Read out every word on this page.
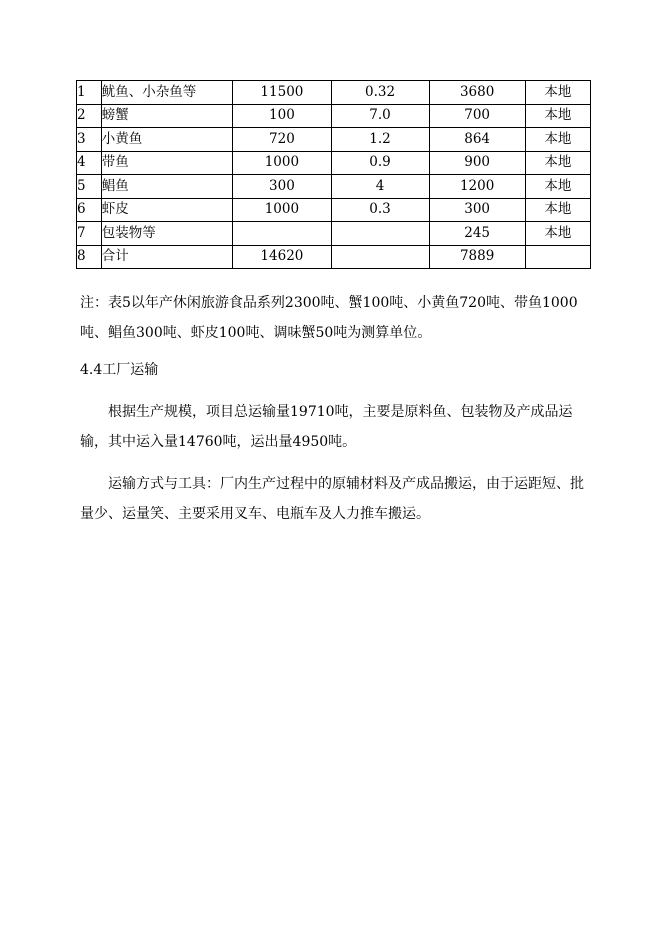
1	鱿鱼、小杂鱼等	11500	0.32	3680	本地
2	螃蟹	100	7.0	700	本地
3	小黄鱼	720	1.2	864	本地
4	带鱼	1000	0.9	900	本地
5	鲳鱼	300	4	1200	本地
6	虾皮	1000	0.3	300	本地
7	包装物等			245	本地
8	合计	14620		7889	

注：表5以年产休闲旅游食品系列2300吨、蟹100吨、小黄鱼720吨、带鱼1000吨、鲳鱼300吨、虾皮100吨、调味蟹50吨为测算单位。

4.4工厂运输

根据生产规模，项目总运输量19710吨，主要是原料鱼、包装物及产成品运输，其中运入量14760吨，运出量4950吨。

运输方式与工具：厂内生产过程中的原辅材料及产成品搬运，由于运距短、批量少、运量笑、主要采用叉车、电瓶车及人力推车搬运。
